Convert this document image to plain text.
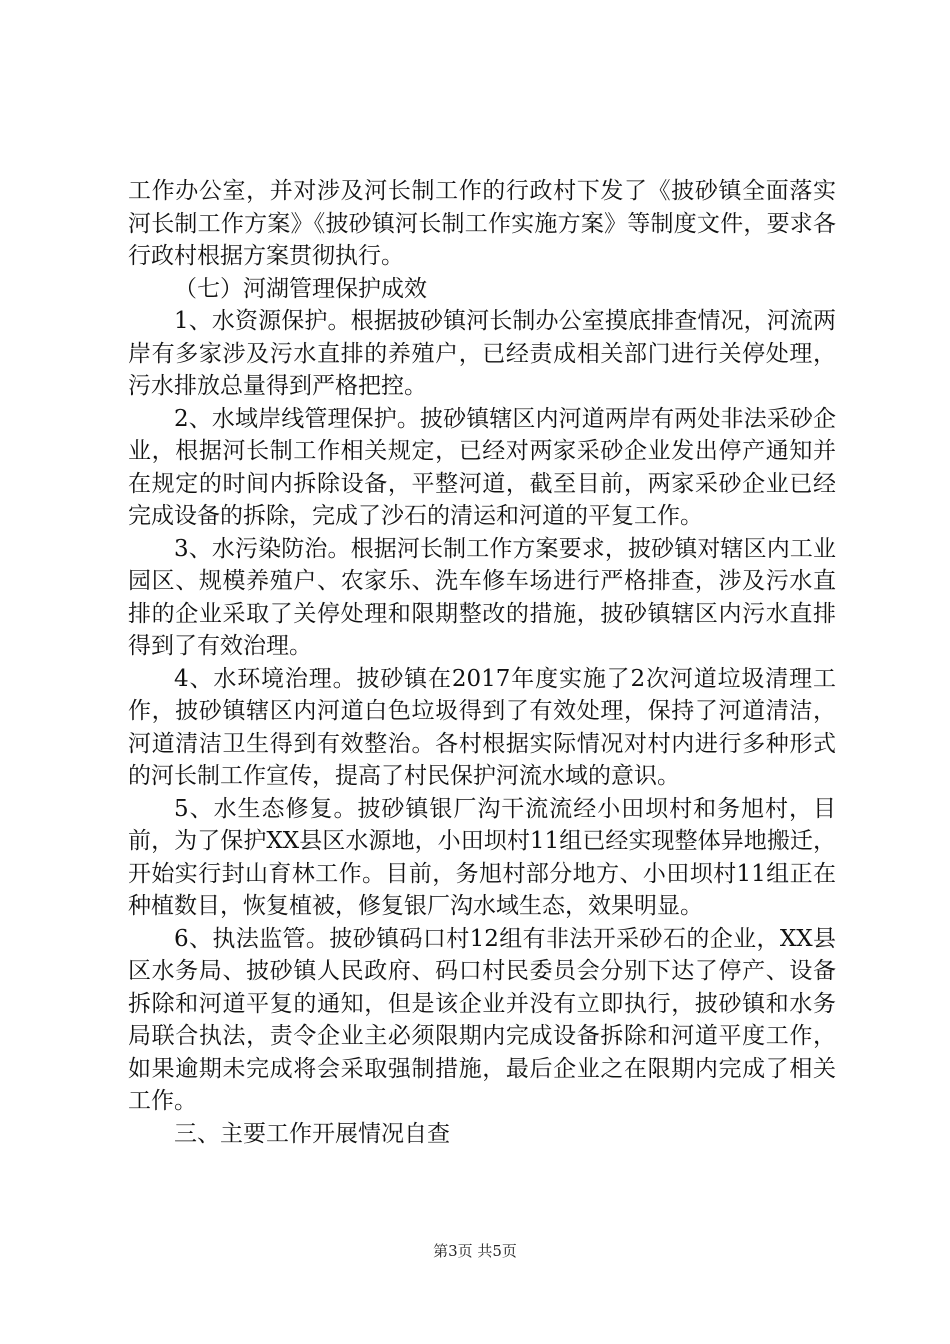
工作办公室，并对涉及河长制工作的行政村下发了《披砂镇全面落实河长制工作方案》《披砂镇河长制工作实施方案》等制度文件，要求各行政村根据方案贯彻执行。

（七）河湖管理保护成效

1、水资源保护。根据披砂镇河长制办公室摸底排查情况，河流两岸有多家涉及污水直排的养殖户，已经责成相关部门进行关停处理，污水排放总量得到严格把控。

2、水域岸线管理保护。披砂镇辖区内河道两岸有两处非法采砂企业，根据河长制工作相关规定，已经对两家采砂企业发出停产通知并在规定的时间内拆除设备，平整河道，截至目前，两家采砂企业已经完成设备的拆除，完成了沙石的清运和河道的平复工作。

3、水污染防治。根据河长制工作方案要求，披砂镇对辖区内工业园区、规模养殖户、农家乐、洗车修车场进行严格排查，涉及污水直排的企业采取了关停处理和限期整改的措施，披砂镇辖区内污水直排得到了有效治理。

4、水环境治理。披砂镇在2017年度实施了2次河道垃圾清理工作，披砂镇辖区内河道白色垃圾得到了有效处理，保持了河道清洁，河道清洁卫生得到有效整治。各村根据实际情况对村内进行多种形式的河长制工作宣传，提高了村民保护河流水域的意识。

5、水生态修复。披砂镇银厂沟干流流经小田坝村和务旭村，目前，为了保护XX县区水源地，小田坝村11组已经实现整体异地搬迁，开始实行封山育林工作。目前，务旭村部分地方、小田坝村11组正在种植数目，恢复植被，修复银厂沟水域生态，效果明显。

6、执法监管。披砂镇码口村12组有非法开采砂石的企业，XX县区水务局、披砂镇人民政府、码口村民委员会分别下达了停产、设备拆除和河道平复的通知，但是该企业并没有立即执行，披砂镇和水务局联合执法，责令企业主必须限期内完成设备拆除和河道平度工作，如果逾期未完成将会采取强制措施，最后企业之在限期内完成了相关工作。

三、主要工作开展情况自查

第3页 共5页
